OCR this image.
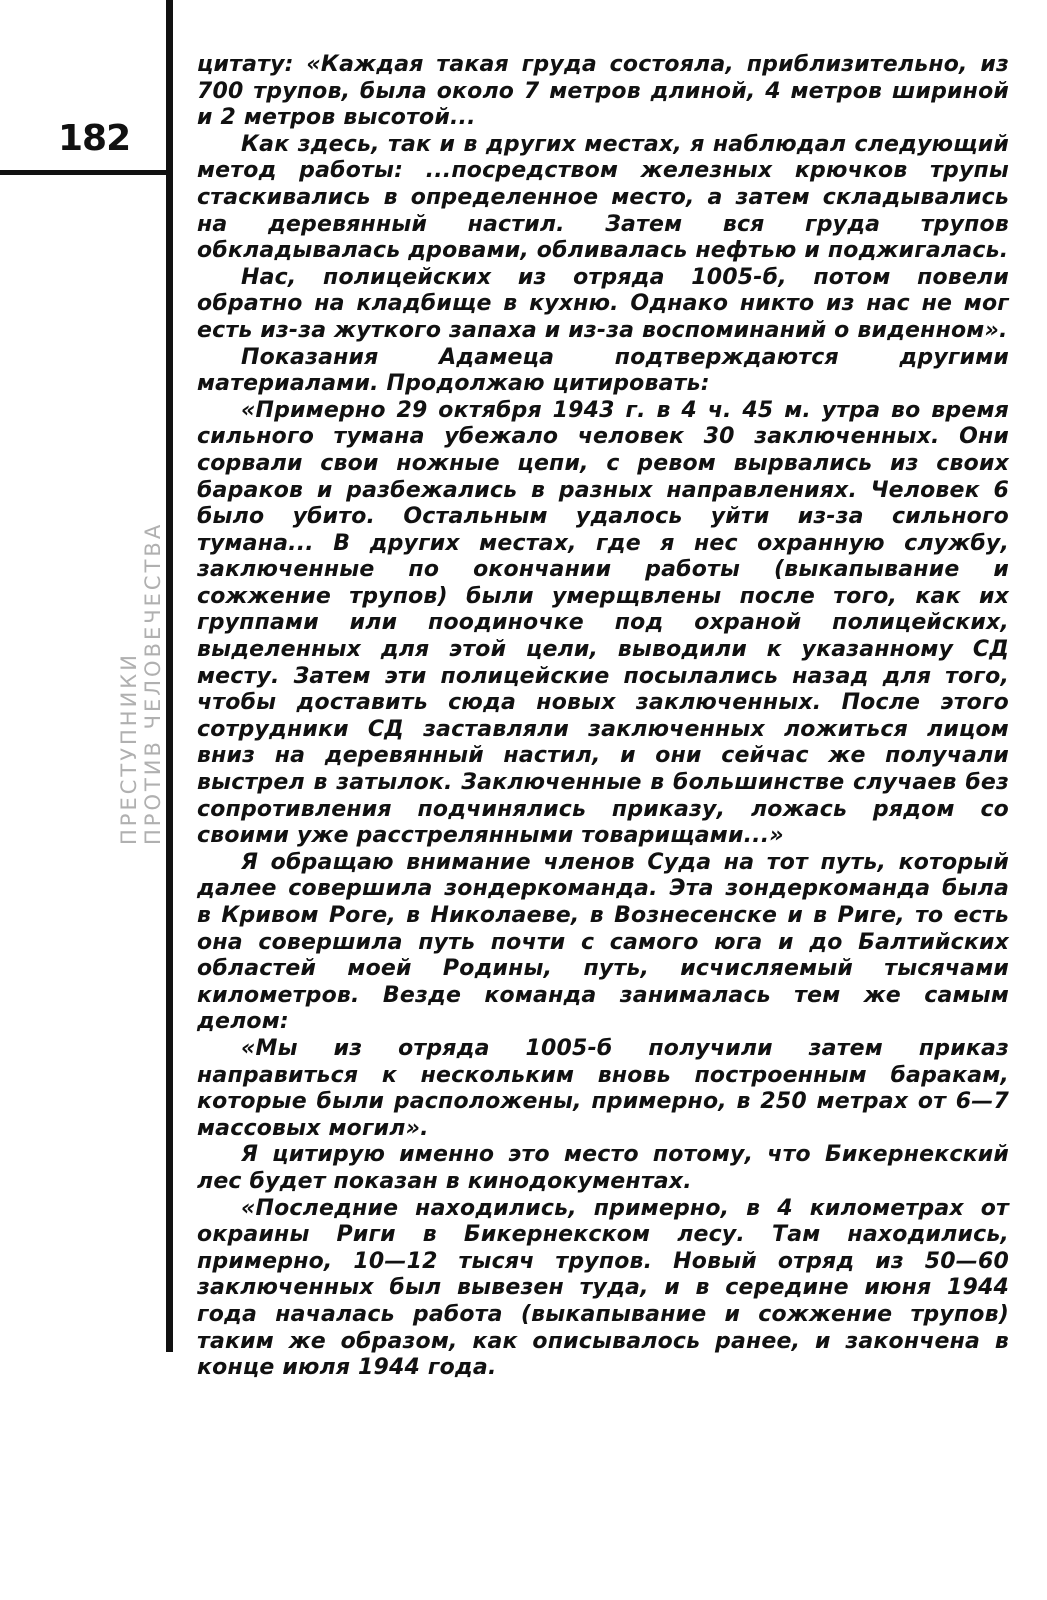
182
ПРЕСТУПНИКИ ПРОТИВ ЧЕЛОВЕЧЕСТВА

цитату: «Каждая такая груда состояла, приблизительно, из 700 трупов, была около 7 метров длиной, 4 метров шириной и 2 метров высотой...

Как здесь, так и в других местах, я наблюдал следующий метод работы: ...посредством железных крючков трупы стаскивались в определенное место, а затем складывались на деревянный настил. Затем вся груда трупов обкладывалась дровами, обливалась нефтью и поджигалась.

Нас, полицейских из отряда 1005-б, потом повели обратно на кладбище в кухню. Однако никто из нас не мог есть из-за жуткого запаха и из-за воспоминаний о виденном».

Показания Адамеца подтверждаются другими материалами. Продолжаю цитировать:

«Примерно 29 октября 1943 г. в 4 ч. 45 м. утра во время сильного тумана убежало человек 30 заключенных. Они сорвали свои ножные цепи, с ревом вырвались из своих бараков и разбежались в разных направлениях. Человек 6 было убито. Остальным удалось уйти из-за сильного тумана... В других местах, где я нес охранную службу, заключенные по окончании работы (выкапывание и сожжение трупов) были умерщвлены после того, как их группами или поодиночке под охраной полицейских, выделенных для этой цели, выводили к указанному СД месту. Затем эти полицейские посылались назад для того, чтобы доставить сюда новых заключенных. После этого сотрудники СД заставляли заключенных ложиться лицом вниз на деревянный настил, и они сейчас же получали выстрел в затылок. Заключенные в большинстве случаев без сопротивления подчинялись приказу, ложась рядом со своими уже расстрелянными товарищами...»

Я обращаю внимание членов Суда на тот путь, который далее совершила зондеркоманда. Эта зондеркоманда была в Кривом Роге, в Николаеве, в Вознесенске и в Риге, то есть она совершила путь почти с самого юга и до Балтийских областей моей Родины, путь, исчисляемый тысячами километров. Везде команда занималась тем же самым делом:

«Мы из отряда 1005-б получили затем приказ направиться к нескольким вновь построенным баракам, которые были расположены, примерно, в 250 метрах от 6—7 массовых могил».

Я цитирую именно это место потому, что Бикернекский лес будет показан в кинодокументах.

«Последние находились, примерно, в 4 километрах от окраины Риги в Бикернекском лесу. Там находились, примерно, 10—12 тысяч трупов. Новый отряд из 50—60 заключенных был вывезен туда, и в середине июня 1944 года началась работа (выкапывание и сожжение трупов) таким же образом, как описывалось ранее, и закончена в конце июля 1944 года.
